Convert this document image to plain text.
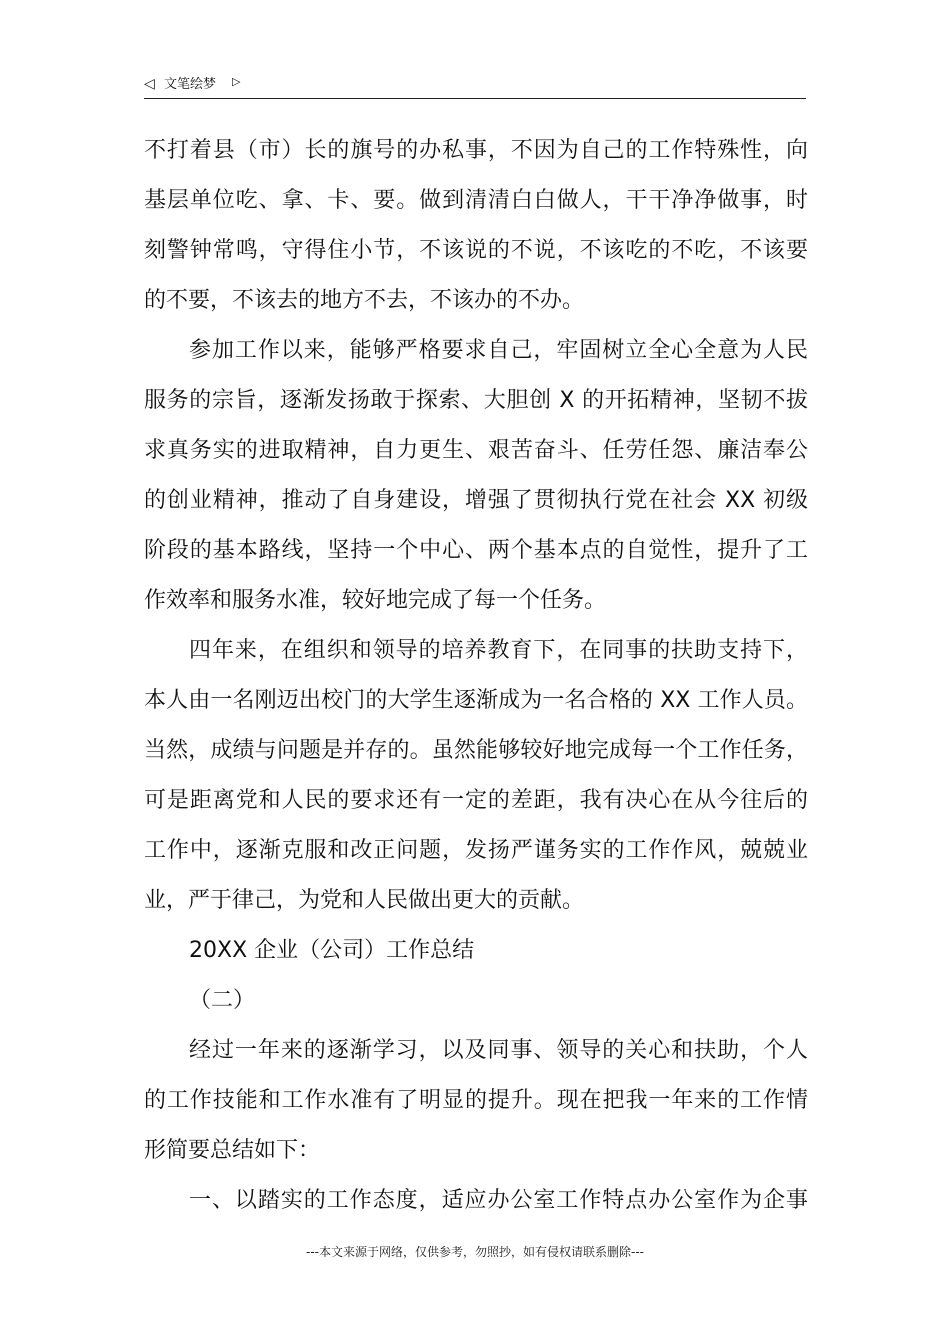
◁ 文笔绘梦 ▷
不打着县（市）长的旗号的办私事，不因为自己的工作特殊性，向
基层单位吃、拿、卡、要。做到清清白白做人，干干净净做事，时
刻警钟常鸣，守得住小节，不该说的不说，不该吃的不吃，不该要
的不要，不该去的地方不去，不该办的不办。
参加工作以来，能够严格要求自己，牢固树立全心全意为人民
服务的宗旨，逐渐发扬敢于探索、大胆创 X 的开拓精神，坚韧不拔
求真务实的进取精神，自力更生、艰苦奋斗、任劳任怨、廉洁奉公
的创业精神，推动了自身建设，增强了贯彻执行党在社会 XX 初级
阶段的基本路线，坚持一个中心、两个基本点的自觉性，提升了工
作效率和服务水准，较好地完成了每一个任务。
四年来，在组织和领导的培养教育下，在同事的扶助支持下，
本人由一名刚迈出校门的大学生逐渐成为一名合格的 XX 工作人员。
当然，成绩与问题是并存的。虽然能够较好地完成每一个工作任务，
可是距离党和人民的要求还有一定的差距，我有决心在从今往后的
工作中，逐渐克服和改正问题，发扬严谨务实的工作作风，兢兢业
业，严于律己，为党和人民做出更大的贡献。
20XX 企业（公司）工作总结
（二）
经过一年来的逐渐学习，以及同事、领导的关心和扶助，个人
的工作技能和工作水准有了明显的提升。现在把我一年来的工作情
形简要总结如下：
一、以踏实的工作态度，适应办公室工作特点办公室作为企事
---本文来源于网络，仅供参考，勿照抄，如有侵权请联系删除---
